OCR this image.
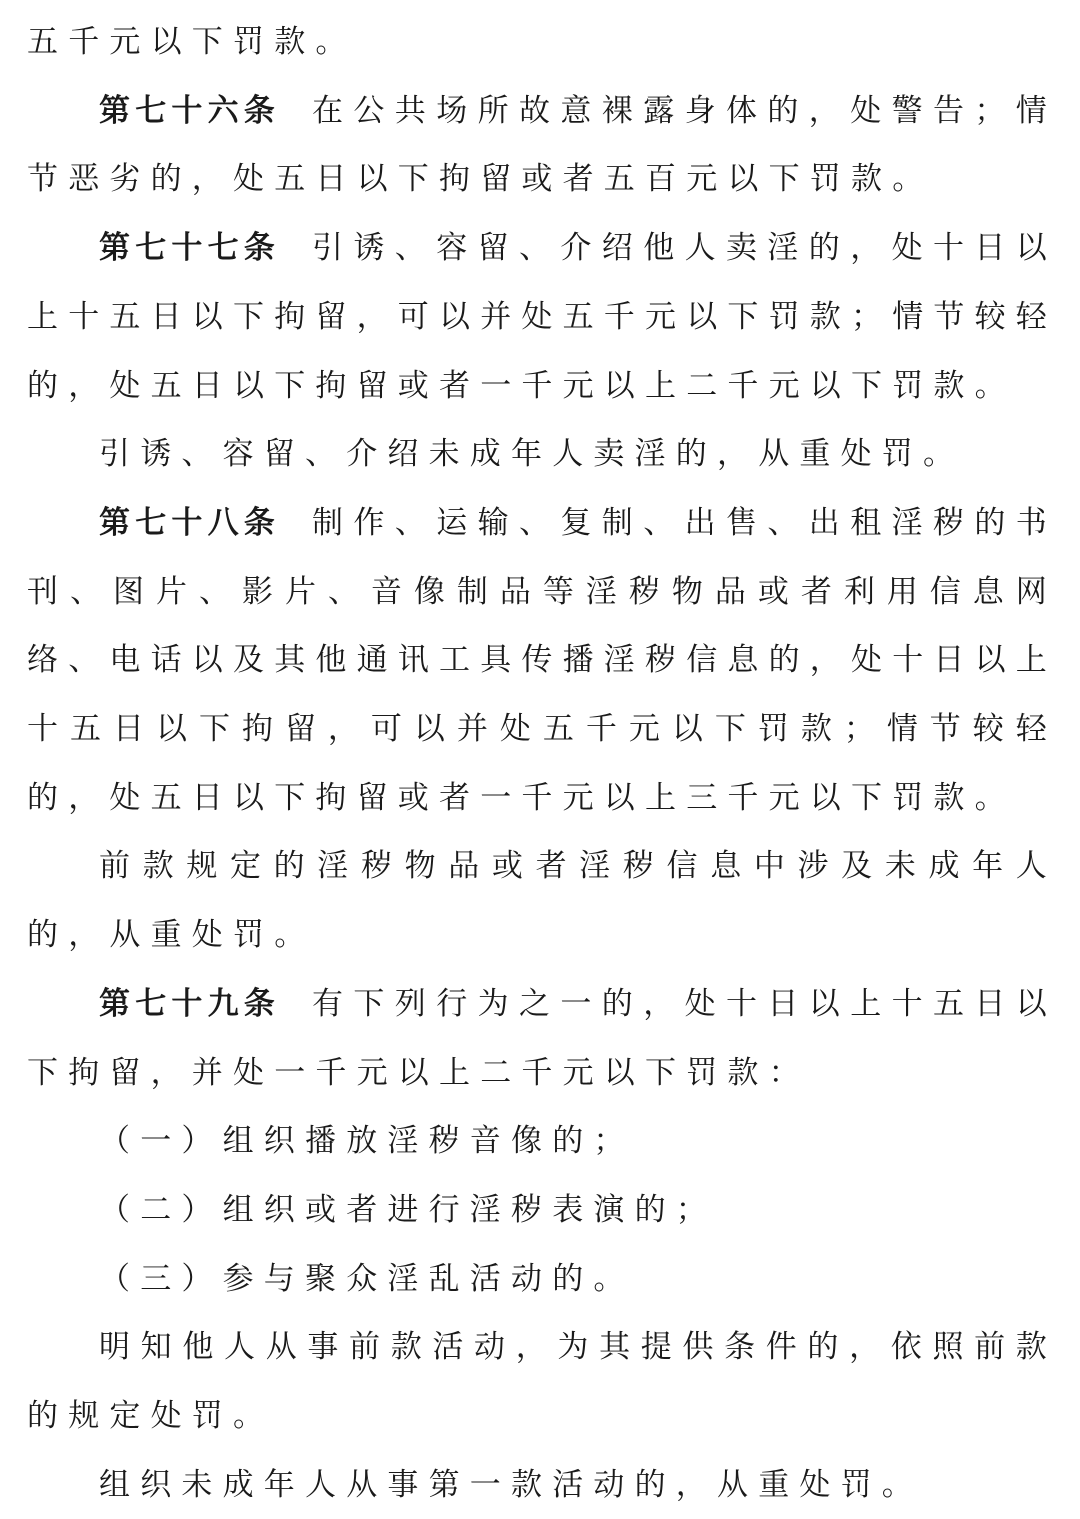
五千元以下罚款。

第七十六条 在公共场所故意裸露身体的，处警告；情节恶劣的，处五日以下拘留或者五百元以下罚款。

第七十七条 引诱、容留、介绍他人卖淫的，处十日以上十五日以下拘留，可以并处五千元以下罚款；情节较轻的，处五日以下拘留或者一千元以上二千元以下罚款。

引诱、容留、介绍未成年人卖淫的，从重处罚。

第七十八条 制作、运输、复制、出售、出租淫秽的书刊、图片、影片、音像制品等淫秽物品或者利用信息网络、电话以及其他通讯工具传播淫秽信息的，处十日以上十五日以下拘留，可以并处五千元以下罚款；情节较轻的，处五日以下拘留或者一千元以上三千元以下罚款。

前款规定的淫秽物品或者淫秽信息中涉及未成年人的，从重处罚。

第七十九条 有下列行为之一的，处十日以上十五日以下拘留，并处一千元以上二千元以下罚款：

（一）组织播放淫秽音像的；

（二）组织或者进行淫秽表演的；

（三）参与聚众淫乱活动的。

明知他人从事前款活动，为其提供条件的，依照前款的规定处罚。

组织未成年人从事第一款活动的，从重处罚。
